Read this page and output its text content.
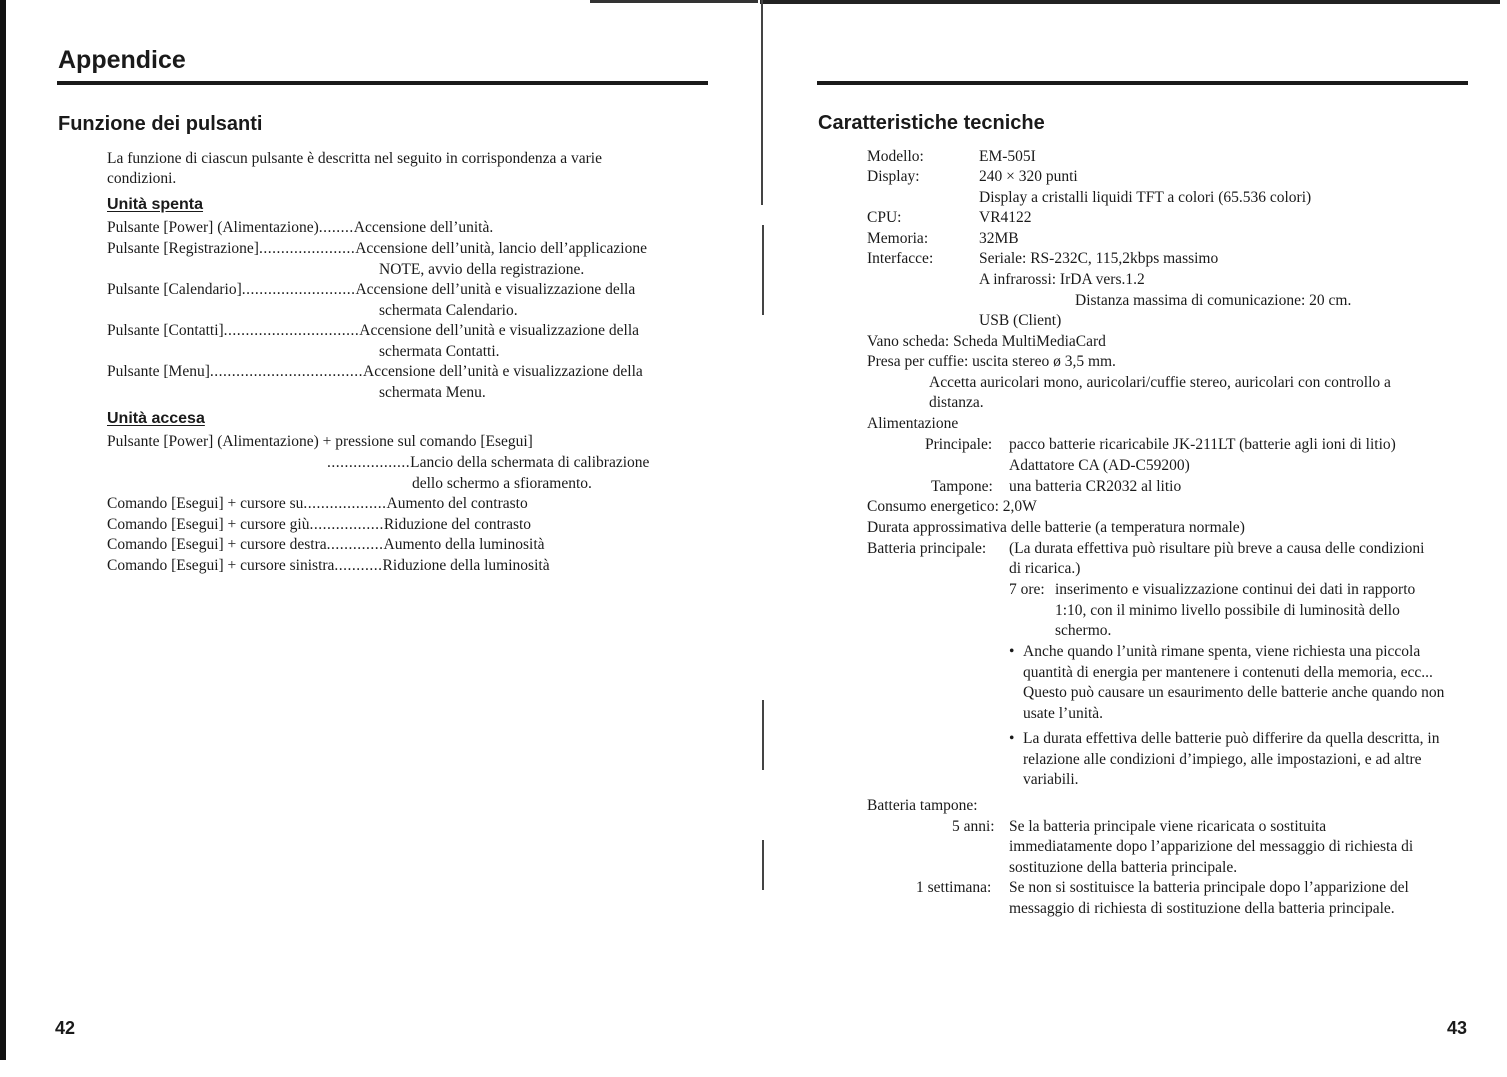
Appendice
Funzione dei pulsanti
La funzione di ciascun pulsante è descritta nel seguito in corrispondenza a varie
condizioni.
Unità spenta
Pulsante [Power] (Alimentazione) ........ Accensione dell’unità.
Pulsante [Registrazione] ...................... Accensione dell’unità, lancio dell’applicazione
NOTE, avvio della registrazione.
Pulsante [Calendario] .......................... Accensione dell’unità e visualizzazione della
schermata Calendario.
Pulsante [Contatti] ............................... Accensione dell’unità e visualizzazione della
schermata Contatti.
Pulsante [Menu] ................................... Accensione dell’unità e visualizzazione della
schermata Menu.
Unità accesa
Pulsante [Power] (Alimentazione) + pressione sul comando [Esegui]
...................Lancio della schermata di calibrazione
dello schermo a sfioramento.
Comando [Esegui] + cursore su ................... Aumento del contrasto
Comando [Esegui] + cursore giù ................. Riduzione del contrasto
Comando [Esegui] + cursore destra ............. Aumento della luminosità
Comando [Esegui] + cursore sinistra ........... Riduzione della luminosità
42
Caratteristiche tecniche
Modello:
Display:
CPU:
Memoria:
Interfacce:
EM-505I
240 × 320 punti
Display a cristalli liquidi TFT a colori (65.536 colori)
VR4122
32MB
Seriale: RS-232C, 115,2kbps massimo
A infrarossi: IrDA vers.1.2
Distanza massima di comunicazione: 20 cm.
USB (Client)
Vano scheda: Scheda MultiMediaCard
Presa per cuffie: uscita stereo ø 3,5 mm.
Accetta auricolari mono, auricolari/cuffie stereo, auricolari con controllo a
distanza.
Alimentazione
Principale: pacco batterie ricaricabile JK-211LT (batterie agli ioni di litio)
Adattatore CA (AD-C59200)
Tampone: una batteria CR2032 al litio
Consumo energetico: 2,0W
Durata approssimativa delle batterie (a temperatura normale)
Batteria principale: (La durata effettiva può risultare più breve a causa delle condizioni
di ricarica.)
7 ore: inserimento e visualizzazione continui dei dati in rapporto
1:10, con il minimo livello possibile di luminosità dello
schermo.
• Anche quando l’unità rimane spenta, viene richiesta una piccola quantità di energia per mantenere i contenuti della memoria, ecc... Questo può causare un esaurimento delle batterie anche quando non usate l’unità.
• La durata effettiva delle batterie può differire da quella descritta, in relazione alle condizioni d’impiego, alle impostazioni, e ad altre variabili.
Batteria tampone:
5 anni: Se la batteria principale viene ricaricata o sostituita
immediatamente dopo l’apparizione del messaggio di richiesta di
sostituzione della batteria principale.
1 settimana: Se non si sostituisce la batteria principale dopo l’apparizione del
messaggio di richiesta di sostituzione della batteria principale.
43
